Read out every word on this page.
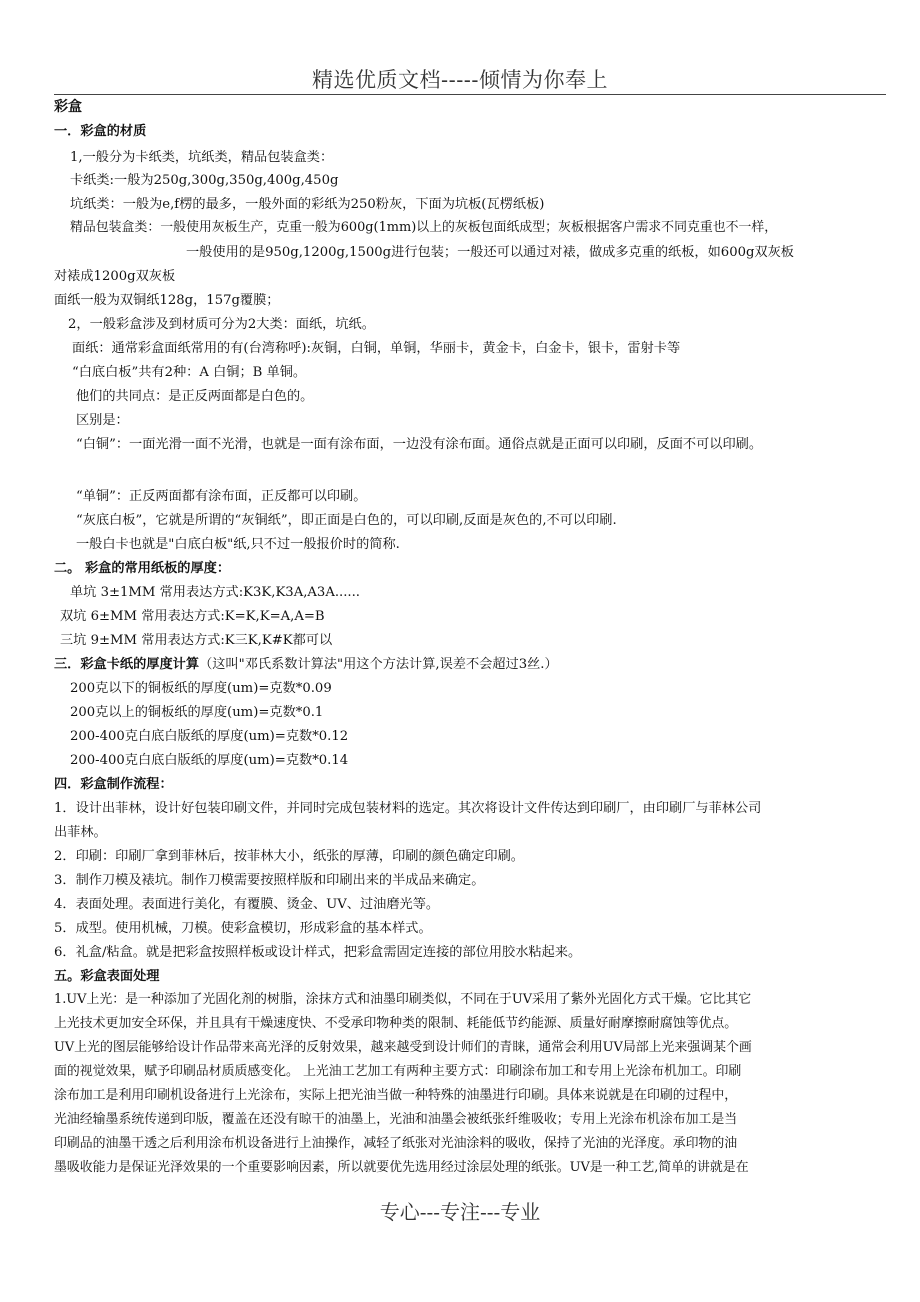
精选优质文档-----倾情为你奉上
彩盒
一．彩盒的材质
1,一般分为卡纸类，坑纸类，精品包装盒类：
卡纸类:一般为250g,300g,350g,400g,450g
坑纸类：一般为e,f楞的最多，一般外面的彩纸为250粉灰，下面为坑板(瓦楞纸板)
精品包装盒类：一般使用灰板生产，克重一般为600g(1mm)以上的灰板包面纸成型；灰板根据客户需求不同克重也不一样，
一般使用的是950g,1200g,1500g进行包装；一般还可以通过对裱，做成多克重的纸板，如600g双灰板
对裱成1200g双灰板
面纸一般为双铜纸128g，157g覆膜；
2，一般彩盒涉及到材质可分为2大类：面纸，坑纸。
面纸：通常彩盒面纸常用的有(台湾称呼):灰铜，白铜，单铜，华丽卡，黄金卡，白金卡，银卡，雷射卡等
“白底白板”共有2种：A 白铜；B 单铜。
他们的共同点：是正反两面都是白色的。
区别是：
“白铜”：一面光滑一面不光滑，也就是一面有涂布面，一边没有涂布面。通俗点就是正面可以印刷，反面不可以印刷。
“单铜”：正反两面都有涂布面，正反都可以印刷。
“灰底白板”，它就是所谓的“灰铜纸”，即正面是白色的，可以印刷,反面是灰色的,不可以印刷.
一般白卡也就是"白底白板"纸,只不过一般报价时的简称.
二。 彩盒的常用纸板的厚度：
单坑 3±1MM 常用表达方式:K3K,K3A,A3A......
双坑 6±MM 常用表达方式:K=K,K=A,A=B
三坑 9±MM 常用表达方式:K三K,K#K都可以
三．彩盒卡纸的厚度计算（这叫"邓氏系数计算法"用这个方法计算,误差不会超过3丝.）
200克以下的铜板纸的厚度(um)=克数*0.09
200克以上的铜板纸的厚度(um)=克数*0.1
200-400克白底白版纸的厚度(um)=克数*0.12
200-400克白底白版纸的厚度(um)=克数*0.14
四．彩盒制作流程：
1．设计出菲林，设计好包装印刷文件，并同时完成包装材料的选定。其次将设计文件传达到印刷厂，由印刷厂与菲林公司
出菲林。
2．印刷：印刷厂拿到菲林后，按菲林大小，纸张的厚薄，印刷的颜色确定印刷。
3．制作刀模及裱坑。制作刀模需要按照样版和印刷出来的半成品来确定。
4．表面处理。表面进行美化，有覆膜、烫金、UV、过油磨光等。
5．成型。使用机械，刀模。使彩盒模切，形成彩盒的基本样式。
6．礼盒/粘盒。就是把彩盒按照样板或设计样式，把彩盒需固定连接的部位用胶水粘起来。
五。彩盒表面处理
1.UV上光：是一种添加了光固化剂的树脂，涂抹方式和油墨印刷类似，不同在于UV采用了紫外光固化方式干燥。它比其它
上光技术更加安全环保，并且具有干燥速度快、不受承印物种类的限制、耗能低节约能源、质量好耐摩擦耐腐蚀等优点。
UV上光的图层能够给设计作品带来高光泽的反射效果，越来越受到设计师们的青睐，通常会利用UV局部上光来强调某个画
面的视觉效果，赋予印刷品材质质感变化。 上光油工艺加工有两种主要方式：印刷涂布加工和专用上光涂布机加工。印刷
涂布加工是利用印刷机设备进行上光涂布，实际上把光油当做一种特殊的油墨进行印刷。具体来说就是在印刷的过程中，
光油经输墨系统传递到印版，覆盖在还没有晾干的油墨上，光油和油墨会被纸张纤维吸收；专用上光涂布机涂布加工是当
印刷品的油墨干透之后利用涂布机设备进行上油操作，减轻了纸张对光油涂料的吸收，保持了光油的光泽度。承印物的油
墨吸收能力是保证光泽效果的一个重要影响因素，所以就要优先选用经过涂层处理的纸张。UV是一种工艺,简单的讲就是在
专心---专注---专业
